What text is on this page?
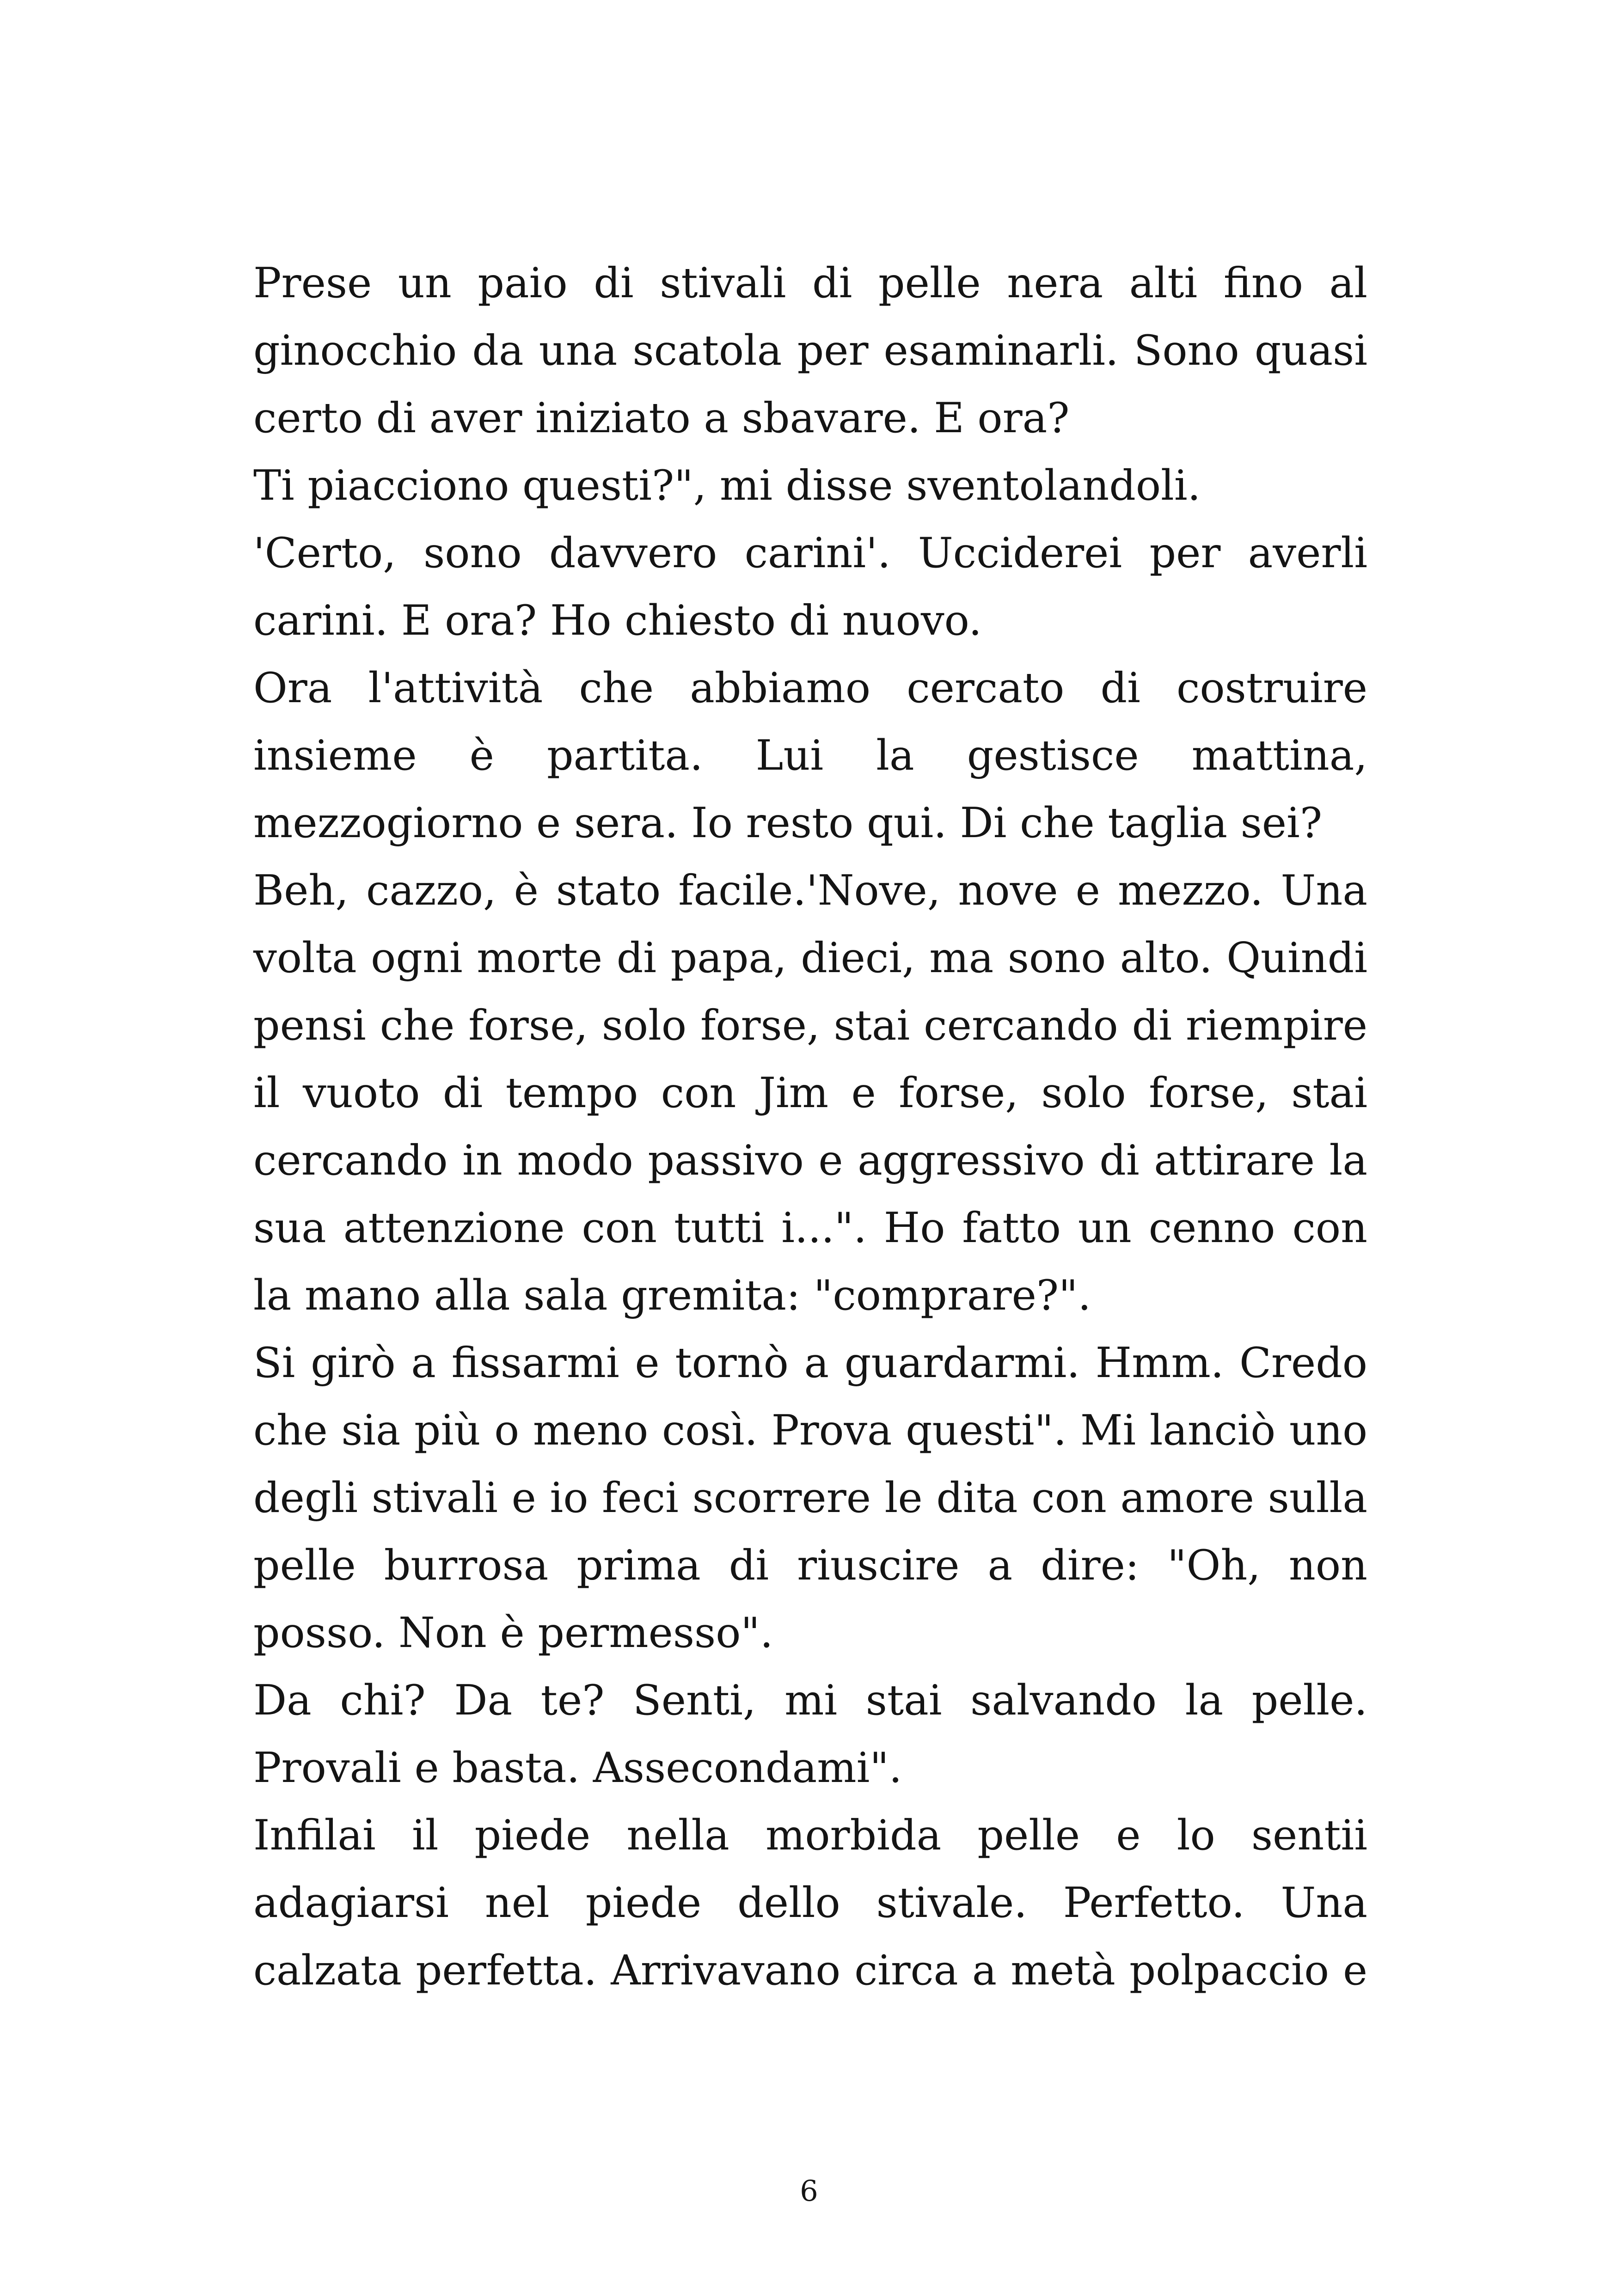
Prese un paio di stivali di pelle nera alti fino al
ginocchio da una scatola per esaminarli. Sono quasi
certo di aver iniziato a sbavare. E ora?
Ti piacciono questi?", mi disse sventolandoli.
'Certo, sono davvero carini'. Ucciderei per averli
carini. E ora? Ho chiesto di nuovo.
Ora l'attività che abbiamo cercato di costruire
insieme è partita. Lui la gestisce mattina,
mezzogiorno e sera. Io resto qui. Di che taglia sei?
Beh, cazzo, è stato facile.'Nove, nove e mezzo. Una
volta ogni morte di papa, dieci, ma sono alto. Quindi
pensi che forse, solo forse, stai cercando di riempire
il vuoto di tempo con Jim e forse, solo forse, stai
cercando in modo passivo e aggressivo di attirare la
sua attenzione con tutti i...". Ho fatto un cenno con
la mano alla sala gremita: "comprare?".
Si girò a fissarmi e tornò a guardarmi. Hmm. Credo
che sia più o meno così. Prova questi". Mi lanciò uno
degli stivali e io feci scorrere le dita con amore sulla
pelle burrosa prima di riuscire a dire: "Oh, non
posso. Non è permesso".
Da chi? Da te? Senti, mi stai salvando la pelle.
Provali e basta. Assecondami".
Infilai il piede nella morbida pelle e lo sentii
adagiarsi nel piede dello stivale. Perfetto. Una
calzata perfetta. Arrivavano circa a metà polpaccio e
6
